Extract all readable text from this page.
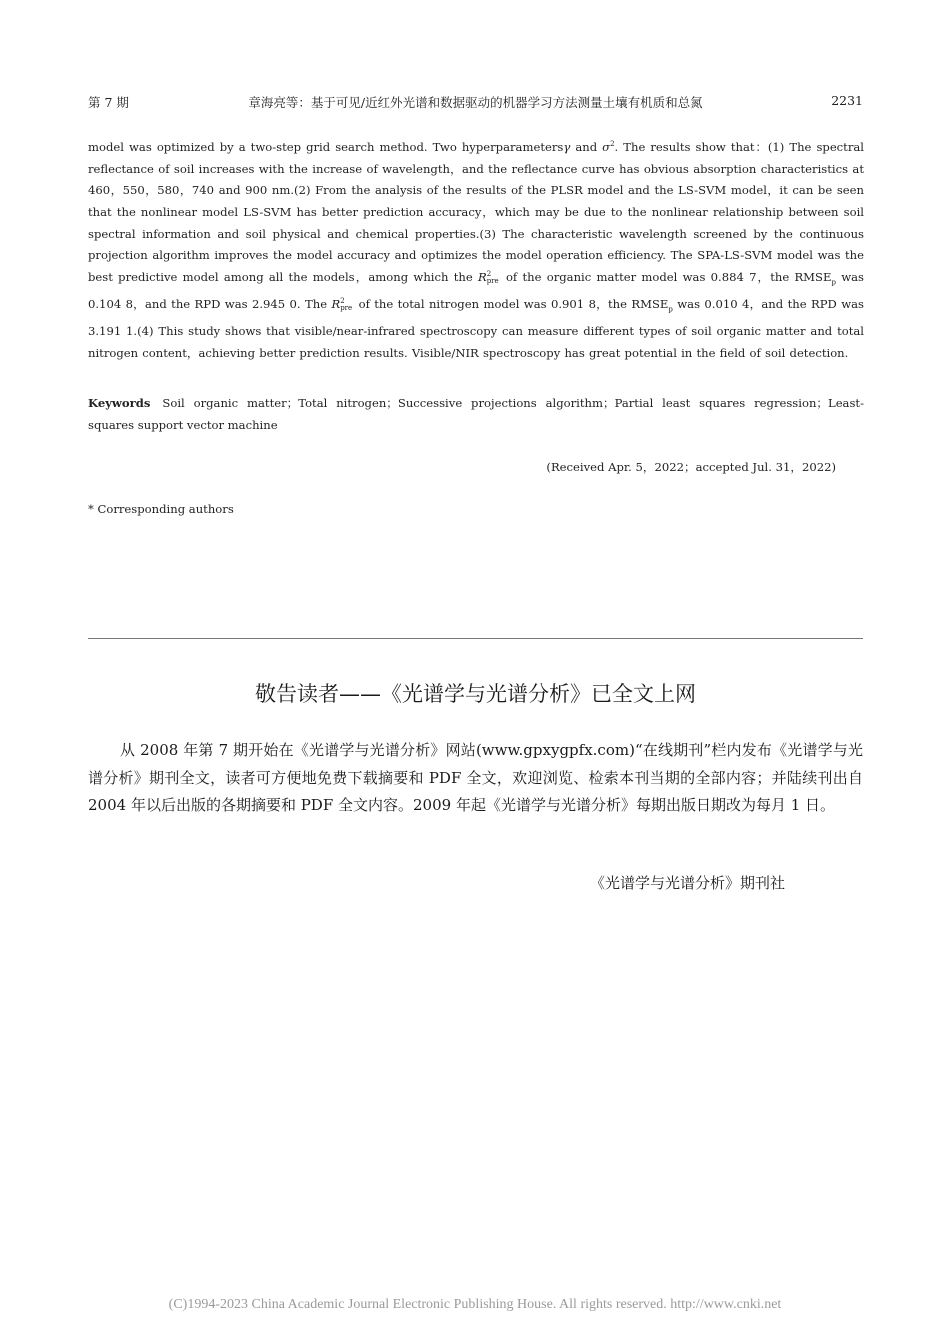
第 7 期	章海亮等：基于可见/近红外光谱和数据驱动的机器学习方法测量土壤有机质和总氮	2231
model was optimized by a two-step grid search method. Two hyperparametersγ and $\sigma^2$. The results show that：(1) The spectral reflectance of soil increases with the increase of wavelength，and the reflectance curve has obvious absorption characteristics at 460，550，580，740 and 900 nm.(2) From the analysis of the results of the PLSR model and the LS-SVM model，it can be seen that the nonlinear model LS-SVM has better prediction accuracy，which may be due to the nonlinear relationship between soil spectral information and soil physical and chemical properties.(3) The characteristic wavelength screened by the continuous projection algorithm improves the model accuracy and optimizes the model operation efficiency. The SPA-LS-SVM model was the best predictive model among all the models，among which the R 2
pre of the organic matter model was 0.884 7，the $RMSE_p$ was 0.104 8，and the RPD was 2.945 0. The R 2
pre of the total nitrogen model was 0.901 8，the $RMSE_p$ was 0.010 4，and the RPD was 3.191 1.(4) This study shows that visible/near-infrared spectroscopy can measure different types of soil organic matter and total nitrogen content，achieving better prediction results. Visible/NIR spectroscopy has great potential in the field of soil detection.
Keywords Soil organic matter；Total nitrogen；Successive projections algorithm；Partial least squares regression；Least-squares support vector machine
(Received Apr. 5，2022；accepted Jul. 31，2022)
* Corresponding authors
敬告读者——《光谱学与光谱分析》已全文上网
从 2008 年第 7 期开始在《光谱学与光谱分析》网站(www.gpxygpfx.com)“在线期刊”栏内发布《光谱学与光谱分析》期刊全文，读者可方便地免费下载摘要和 PDF 全文，欢迎浏览、检索本刊当期的全部内容；并陆续刊出自 2004 年以后出版的各期摘要和 PDF 全文内容。2009 年起《光谱学与光谱分析》每期出版日期改为每月 1 日。
《光谱学与光谱分析》期刊社
(C)1994-2023 China Academic Journal Electronic Publishing House. All rights reserved. http://www.cnki.net
